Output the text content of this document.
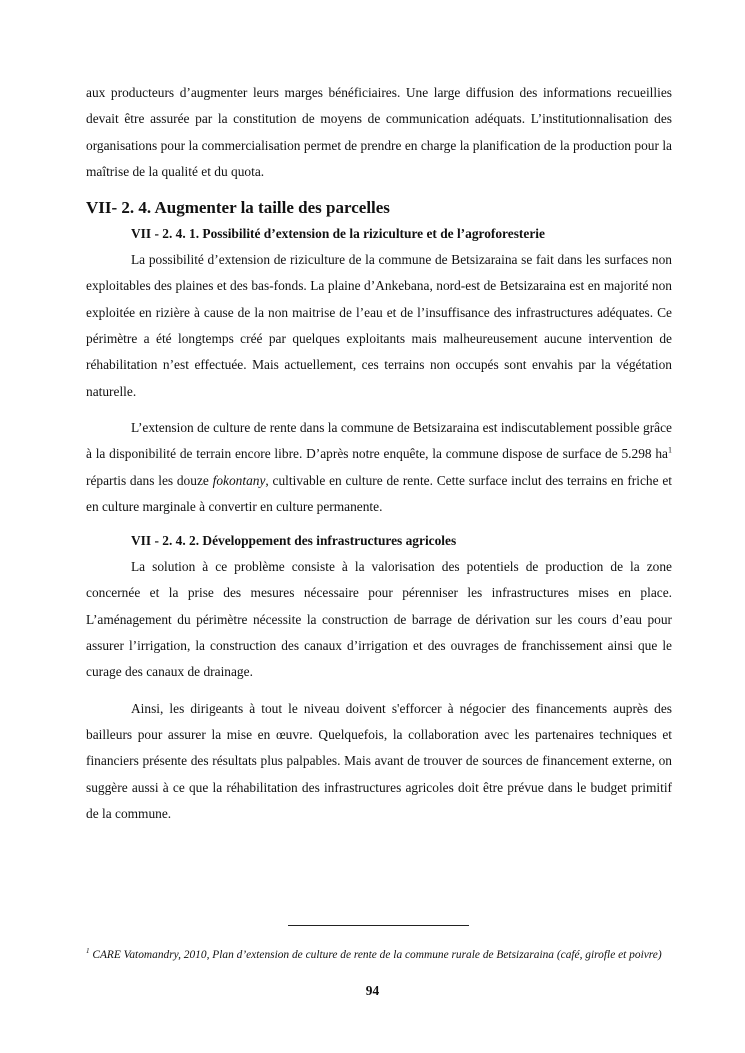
aux producteurs d’augmenter leurs marges bénéficiaires. Une large diffusion des informations recueillies devait être assurée par la constitution de moyens de communication adéquats. L’institutionnalisation des organisations pour la commercialisation permet de prendre en charge la planification de la production pour la maîtrise de la qualité et du quota.

VII- 2. 4. Augmenter la taille des parcelles
VII - 2. 4. 1. Possibilité d’extension de la riziculture et de l’agroforesterie

La possibilité d’extension de riziculture de la commune de Betsizaraina se fait dans les surfaces non exploitables des plaines et des bas-fonds. La plaine d’Ankebana, nord-est de Betsizaraina est en majorité non exploitée en rizière à cause de la non maitrise de l’eau et de l’insuffisance des infrastructures adéquates. Ce périmètre a été longtemps créé par quelques exploitants mais malheureusement aucune intervention de réhabilitation n’est effectuée. Mais actuellement, ces terrains non occupés sont envahis par la végétation naturelle.

L’extension de culture de rente dans la commune de Betsizaraina est indiscutablement possible grâce à la disponibilité de terrain encore libre. D’après notre enquête, la commune dispose de surface de 5.298 $ha^1$ répartis dans les douze fokontany, cultivable en culture de rente. Cette surface inclut des terrains en friche et en culture marginale à convertir en culture permanente.

VII - 2. 4. 2. Développement des infrastructures agricoles

La solution à ce problème consiste à la valorisation des potentiels de production de la zone concernée et la prise des mesures nécessaire pour pérenniser les infrastructures mises en place. L’aménagement du périmètre nécessite la construction de barrage de dérivation sur les cours d’eau pour assurer l’irrigation, la construction des canaux d’irrigation et des ouvrages de franchissement ainsi que le curage des canaux de drainage.

Ainsi, les dirigeants à tout le niveau doivent s'efforcer à négocier des financements auprès des bailleurs pour assurer la mise en œuvre. Quelquefois, la collaboration avec les partenaires techniques et financiers présente des résultats plus palpables. Mais avant de trouver de sources de financement externe, on suggère aussi à ce que la réhabilitation des infrastructures agricoles doit être prévue dans le budget primitif de la commune.

$^1$ CARE Vatomandry, 2010, Plan d’extension de culture de rente de la commune rurale de Betsizaraina (café, girofle et poivre)
94
